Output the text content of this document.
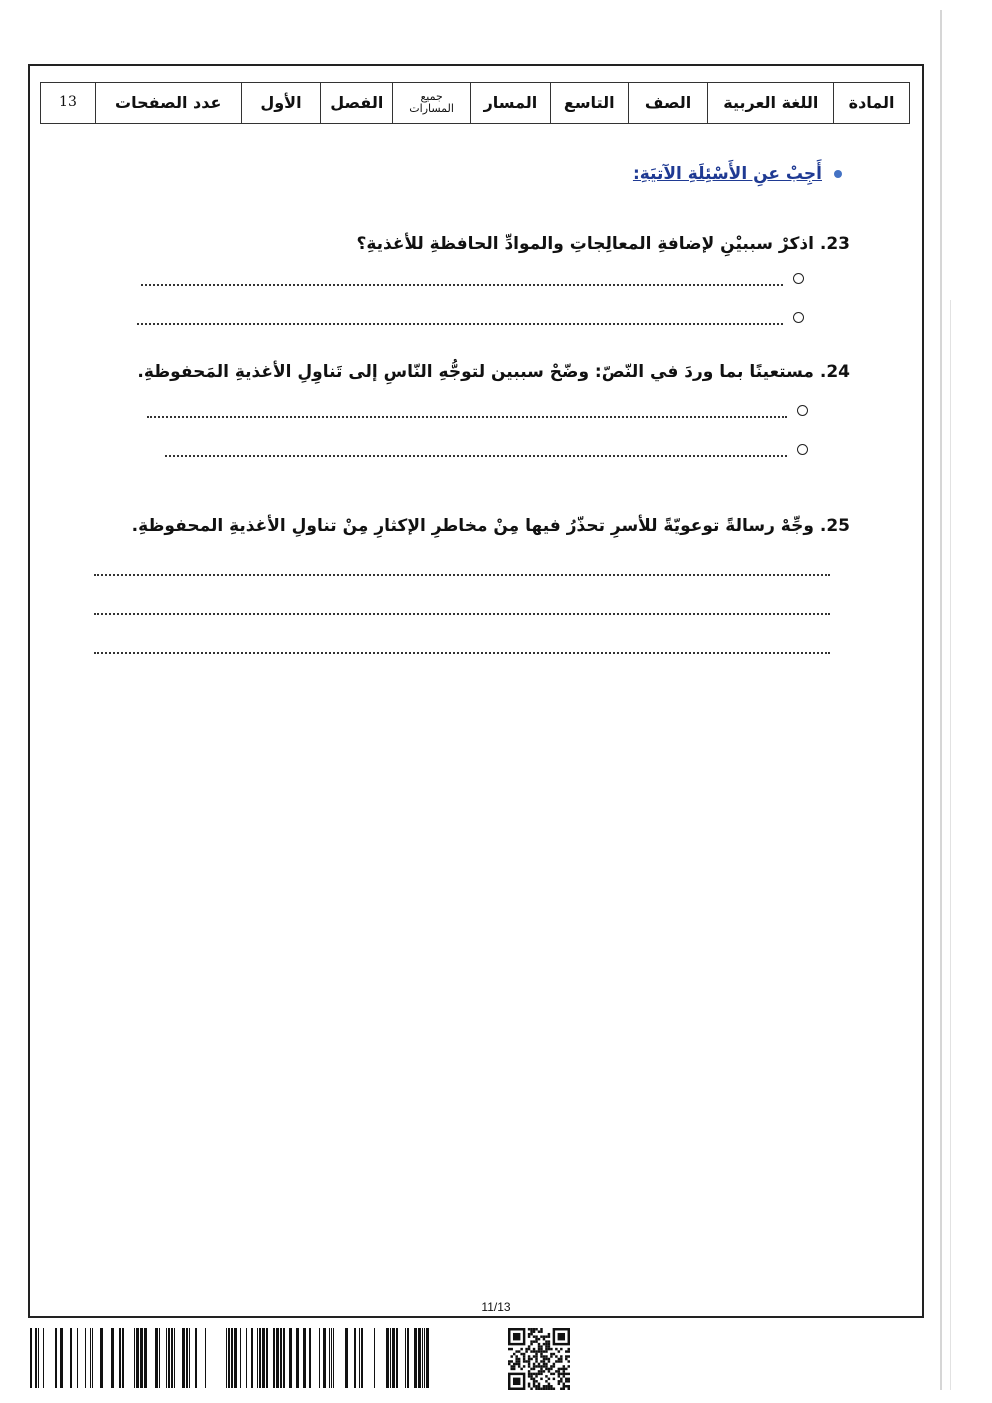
المادة
اللغة العربية
الصف
التاسع
المسار
جميع
المسارات
الفصل
الأول
عدد الصفحات
13
أَجِبْ عنِ الأَسْئِلَةِ الآتيَةِ:
23. اذكرْ سببيْنِ لإضافةِ المعالِجاتِ والموادِّ الحافظةِ للأغذيةِ؟
24. مستعينًا بما وردَ في النّصّ: وضّحْ سببين لتوجُّهِ النّاسِ إلى تَناوِلِ الأغذيةِ المَحفوظةِ.
25. وجِّهْ رسالةً توعويّةً للأسرِ تحذّرُ فيها مِنْ مخاطرِ الإكثارِ مِنْ تناولِ الأغذيةِ المحفوظةِ.
11/13
